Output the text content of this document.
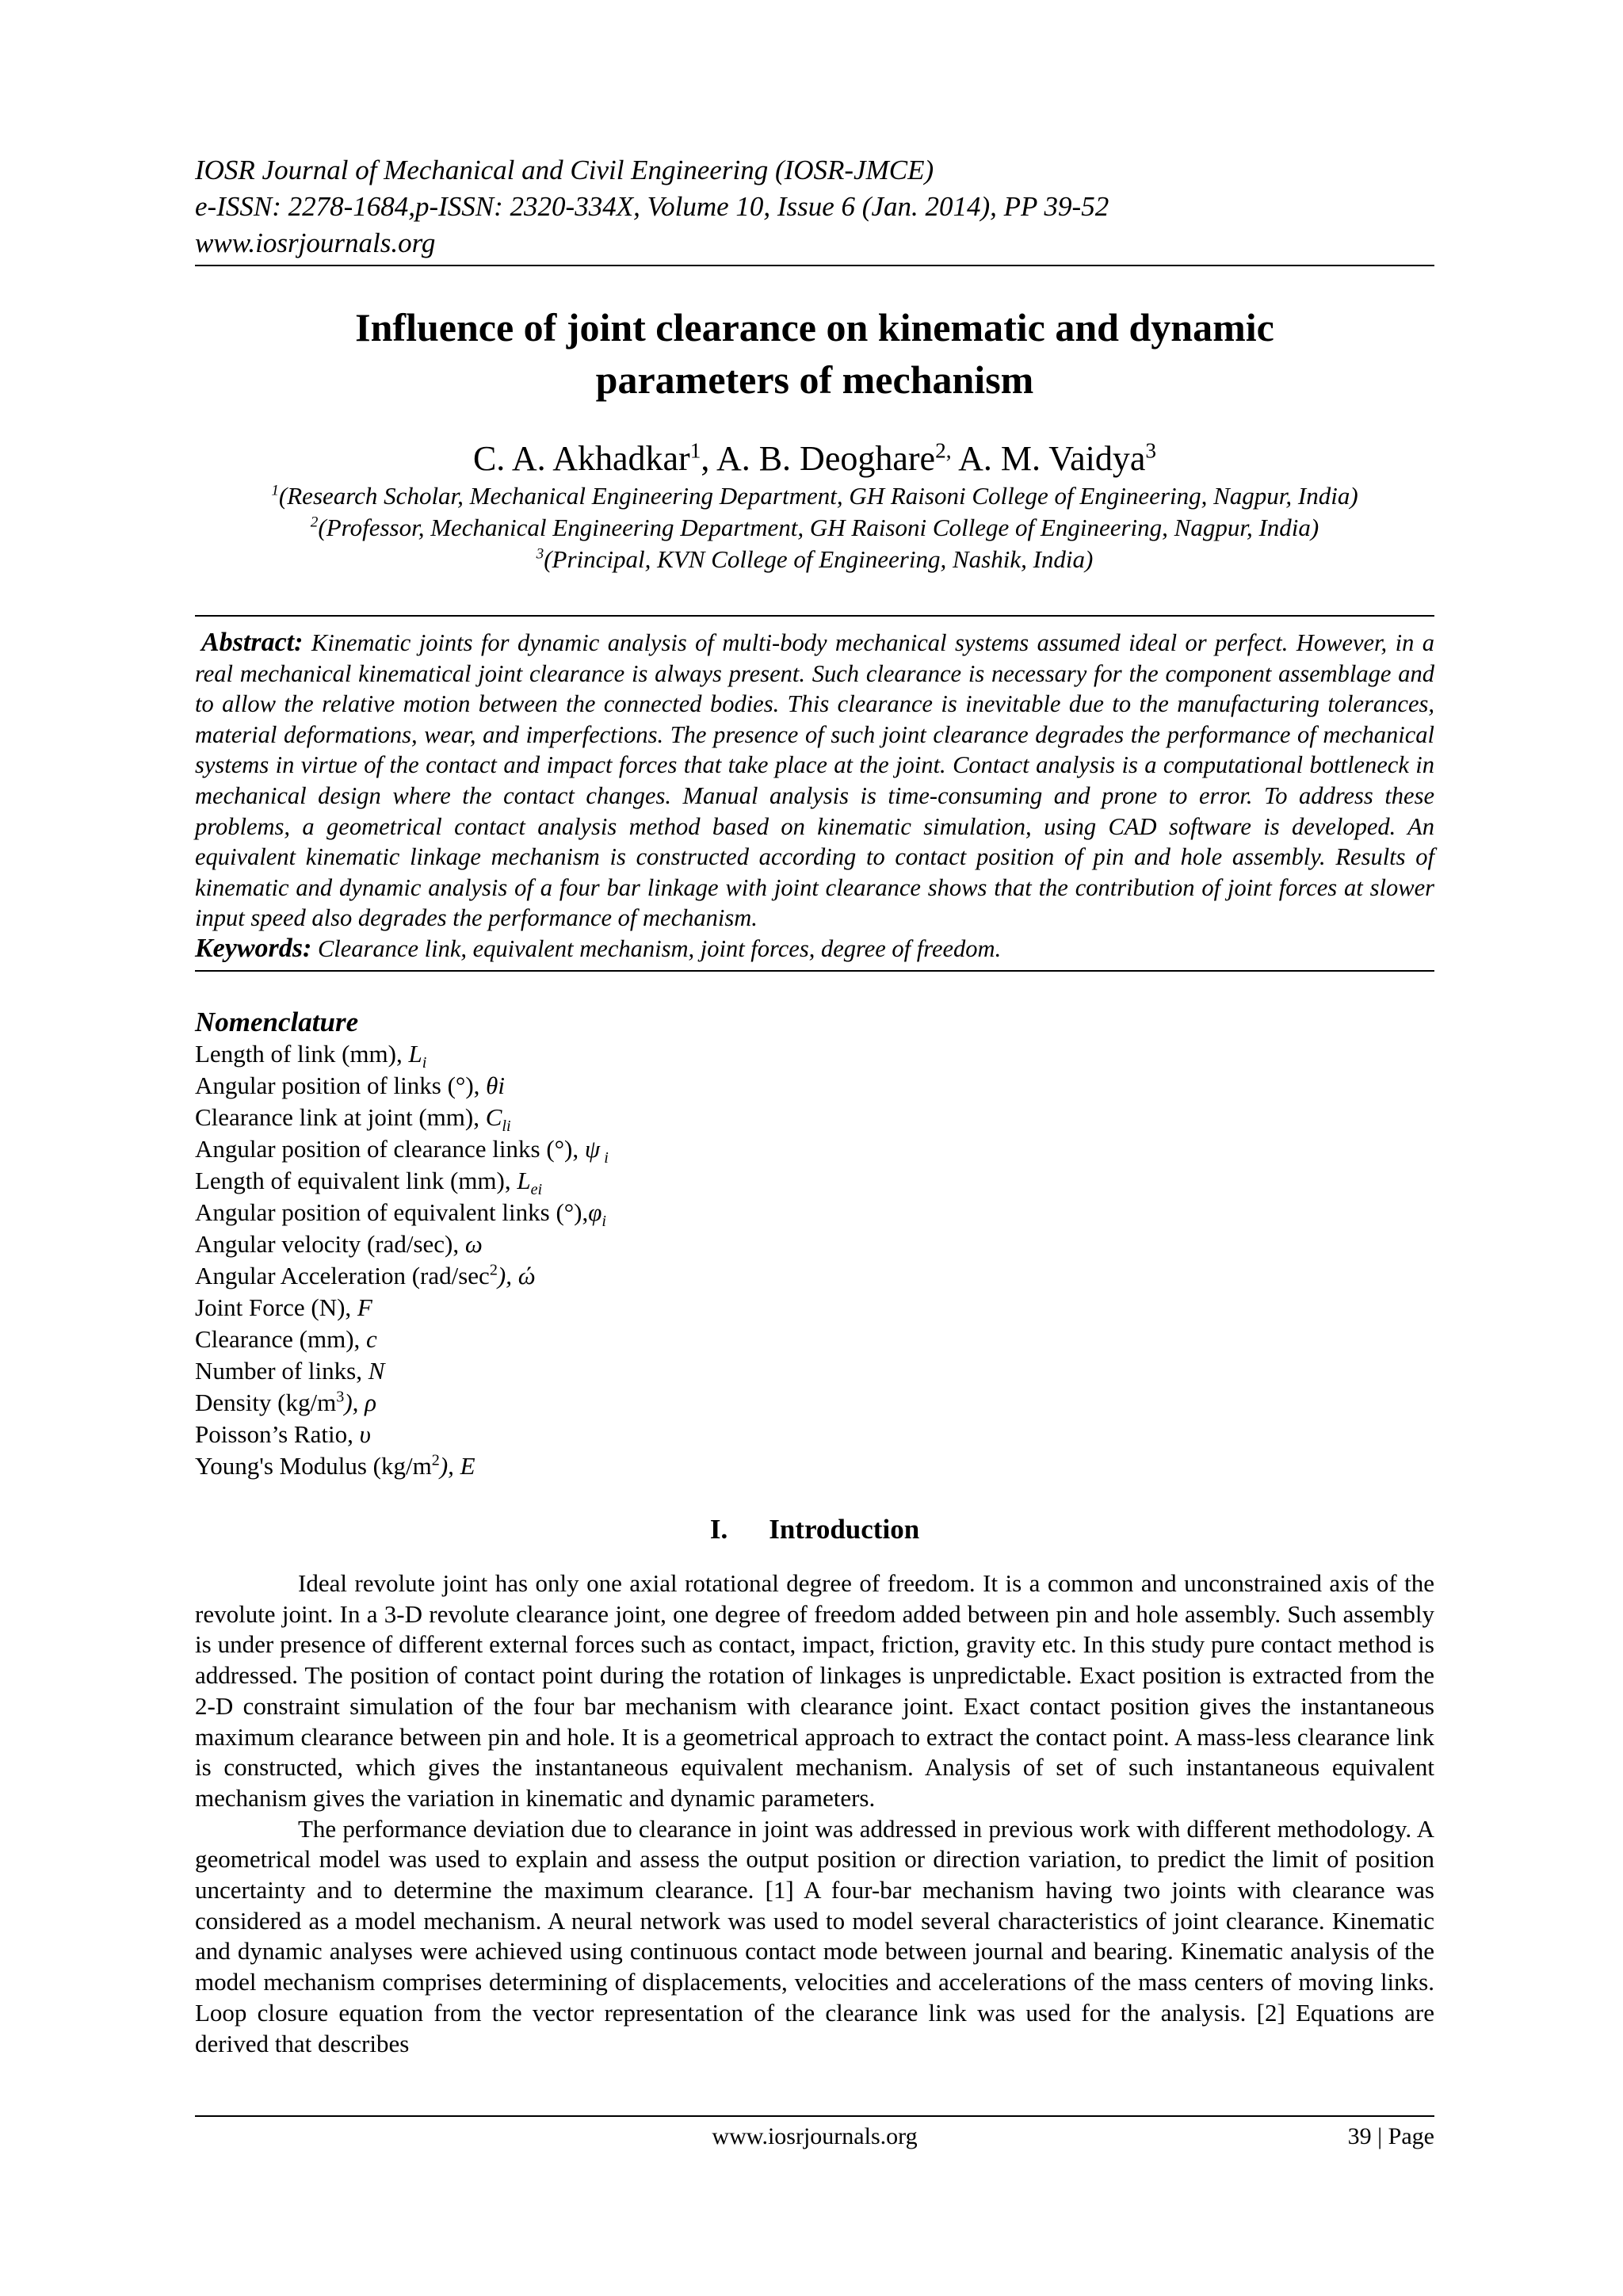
IOSR Journal of Mechanical and Civil Engineering (IOSR-JMCE)
e-ISSN: 2278-1684,p-ISSN: 2320-334X, Volume 10, Issue 6 (Jan. 2014), PP 39-52
www.iosrjournals.org
Influence of joint clearance on kinematic and dynamic
parameters of mechanism
C. A. Akhadkar$^1$, A. B. Deoghare$^{2,}$ A. M. Vaidya$^3$
$^1$(Research Scholar, Mechanical Engineering Department, GH Raisoni College of Engineering, Nagpur, India)
$^2$(Professor, Mechanical Engineering Department, GH Raisoni College of Engineering, Nagpur, India)
$^3$(Principal, KVN College of Engineering, Nashik, India)
Abstract: Kinematic joints for dynamic analysis of multi-body mechanical systems assumed ideal or perfect. However, in a real mechanical kinematical joint clearance is always present. Such clearance is necessary for the component assemblage and to allow the relative motion between the connected bodies. This clearance is inevitable due to the manufacturing tolerances, material deformations, wear, and imperfections. The presence of such joint clearance degrades the performance of mechanical systems in virtue of the contact and impact forces that take place at the joint. Contact analysis is a computational bottleneck in mechanical design where the contact changes. Manual analysis is time-consuming and prone to error. To address these problems, a geometrical contact analysis method based on kinematic simulation, using CAD software is developed. An equivalent kinematic linkage mechanism is constructed according to contact position of pin and hole assembly. Results of kinematic and dynamic analysis of a four bar linkage with joint clearance shows that the contribution of joint forces at slower input speed also degrades the performance of mechanism.
Keywords: Clearance link, equivalent mechanism, joint forces, degree of freedom.
Nomenclature
Length of link (mm), $L_i$
Angular position of links (°), θi
Clearance link at joint (mm), $C_{li}$
Angular position of clearance links (°), ψ $_i$
Length of equivalent link (mm), $L_{ei}$
Angular position of equivalent links $(^\circ),\varphi_i$
Angular velocity (rad/sec), ω
Angular Acceleration $(rad/\sec^2)$, ώ
Joint Force (N), F
Clearance (mm), c
Number of links, N
Density $(kg/m^3)$, ρ
Poisson’s Ratio, υ
Young's Modulus $(kg/m^2)$, E
I. Introduction

Ideal revolute joint has only one axial rotational degree of freedom. It is a common and unconstrained axis of the revolute joint. In a 3-D revolute clearance joint, one degree of freedom added between pin and hole assembly. Such assembly is under presence of different external forces such as contact, impact, friction, gravity etc. In this study pure contact method is addressed. The position of contact point during the rotation of linkages is unpredictable. Exact position is extracted from the 2-D constraint simulation of the four bar mechanism with clearance joint. Exact contact position gives the instantaneous maximum clearance between pin and hole. It is a geometrical approach to extract the contact point. A mass-less clearance link is constructed, which gives the instantaneous equivalent mechanism. Analysis of set of such instantaneous equivalent mechanism gives the variation in kinematic and dynamic parameters.

The performance deviation due to clearance in joint was addressed in previous work with different methodology. A geometrical model was used to explain and assess the output position or direction variation, to predict the limit of position uncertainty and to determine the maximum clearance. [1] A four-bar mechanism having two joints with clearance was considered as a model mechanism. A neural network was used to model several characteristics of joint clearance. Kinematic and dynamic analyses were achieved using continuous contact mode between journal and bearing. Kinematic analysis of the model mechanism comprises determining of displacements, velocities and accelerations of the mass centers of moving links. Loop closure equation from the vector representation of the clearance link was used for the analysis. [2] Equations are derived that describes

www.iosrjournals.org	39 | Page
